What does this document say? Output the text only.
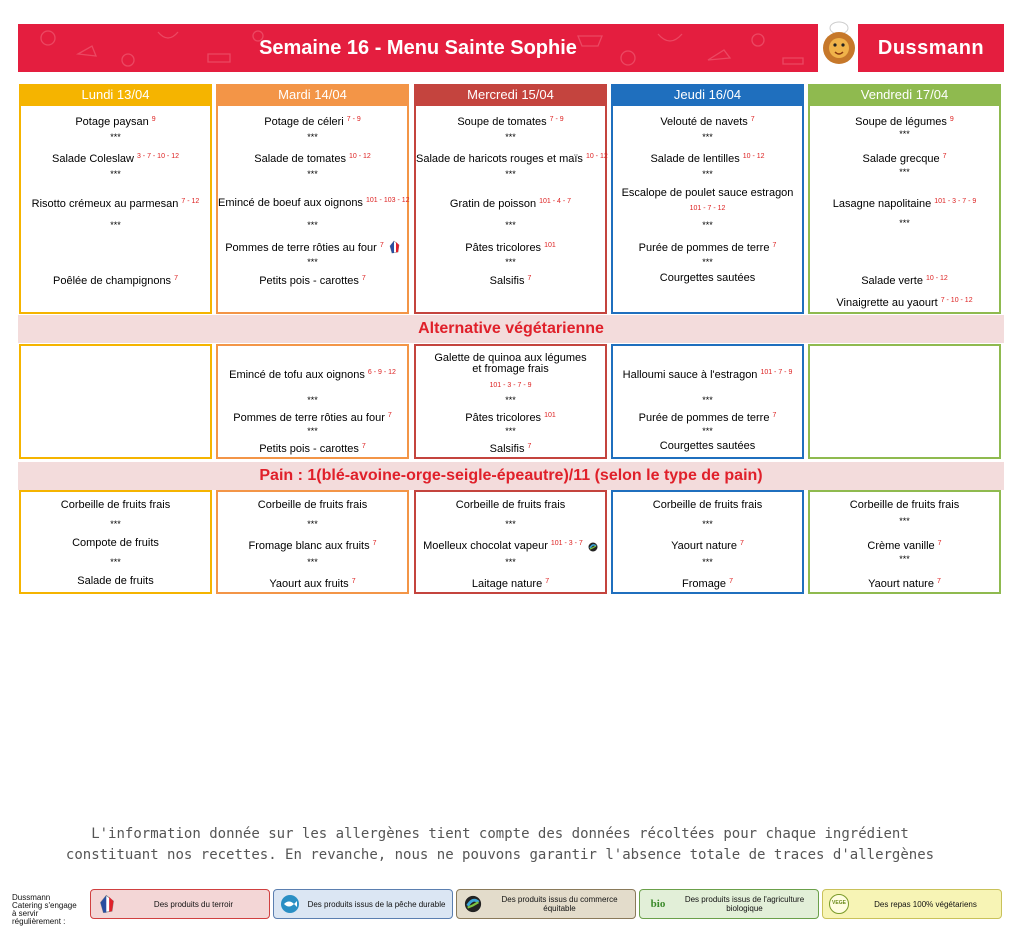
Semaine 16 - Menu Sainte Sophie	Dussmann
Lundi 13/04	Mardi 14/04	Mercredi 15/04	Jeudi 16/04	Vendredi 17/04
Potage paysan $^9$
***
Salade Coleslaw $^{3 - 7 - 10 - 12}$
***
Risotto crémeux au parmesan $^{7 - 12}$
***
Poêlée de champignons $^7$
Potage de céleri $^{7 - 9}$
***
Salade de tomates $^{10 - 12}$
***
Emincé de boeuf aux oignons $^{101 - 103 - 12}$
***
Pommes de terre rôties au four $^7$
***
Petits pois - carottes $^7$
Soupe de tomates $^{7 - 9}$
***
Salade de haricots rouges et maïs $^{10 - 12}$
***
Gratin de poisson $^{101 - 4 - 7}$
***
Pâtes tricolores $^{101}$
***
Salsifis $^7$
Velouté de navets $^7$
***
Salade de lentilles $^{10 - 12}$
***
Escalope de poulet sauce estragon
101 - 7 - 12
***
Purée de pommes de terre $^7$
***
Courgettes sautées
Soupe de légumes $^9$
***
Salade grecque $^7$
***
Lasagne napolitaine $^{101 - 3 - 7 - 9}$
***
Salade verte $^{10 - 12}$
Vinaigrette au yaourt $^{7 - 10 - 12}$
Alternative végétarienne
Emincé de tofu aux oignons $^{6 - 9 - 12}$
***
Pommes de terre rôties au four $^7$
***
Petits pois - carottes $^7$
Galette de quinoa aux légumes et fromage frais
101 - 3 - 7 - 9
***
Pâtes tricolores $^{101}$
***
Salsifis $^7$
Halloumi sauce à l'estragon $^{101 - 7 - 9}$
***
Purée de pommes de terre $^7$
***
Courgettes sautées
Pain : 1(blé-avoine-orge-seigle-épeautre)/11 (selon le type de pain)
Corbeille de fruits frais
***
Compote de fruits
***
Salade de fruits
Corbeille de fruits frais
***
Fromage blanc aux fruits $^7$
***
Yaourt aux fruits $^7$
Corbeille de fruits frais
***
Moelleux chocolat vapeur $^{101 - 3 - 7}$
***
Laitage nature $^7$
Corbeille de fruits frais
***
Yaourt nature $^7$
***
Fromage $^7$
Corbeille de fruits frais
***
Crème vanille $^7$
***
Yaourt nature $^7$
L'information donnée sur les allergènes tient compte des données récoltées pour chaque ingrédient
constituant nos recettes. En revanche, nous ne pouvons garantir l'absence totale de traces d'allergènes
Dussmann Catering s'engage à servir régulièrement :
Des produits du terroir	Des produits issus de la pêche durable	Des produits issus du commerce équitable	bio	Des produits issus de l'agriculture biologique
VEGE	Des repas 100% végétariens
